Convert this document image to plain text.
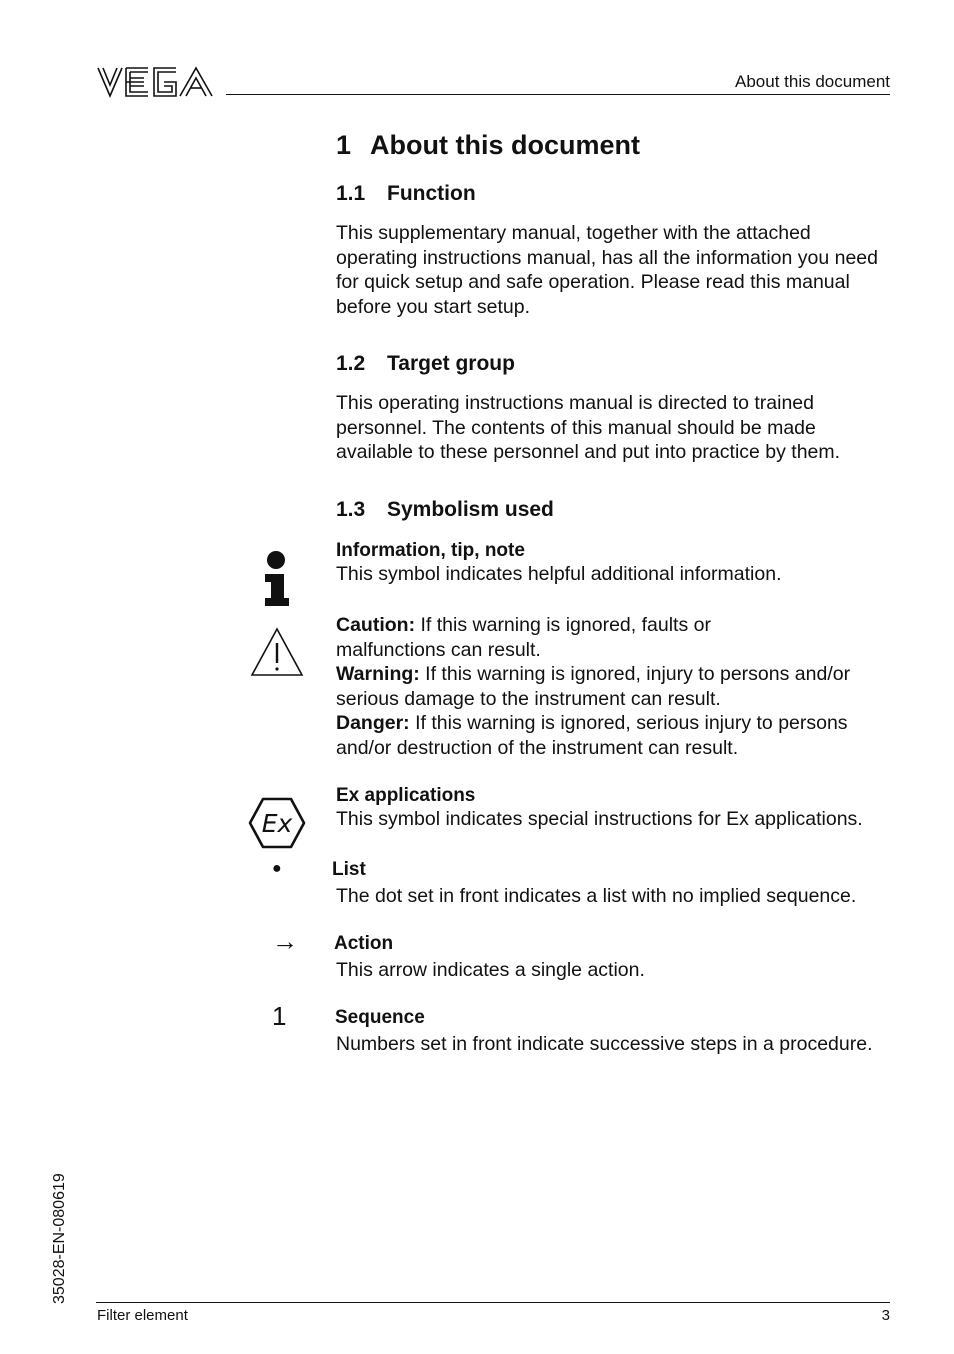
About this document
1 About this document
1.1 Function
This supplementary manual, together with the attached operating instructions manual, has all the information you need for quick setup and safe operation. Please read this manual before you start setup.
1.2 Target group
This operating instructions manual is directed to trained personnel. The contents of this manual should be made available to these personnel and put into practice by them.
1.3 Symbolism used
Information, tip, note
This symbol indicates helpful additional information.
Caution: If this warning is ignored, faults or malfunctions can result.
Warning: If this warning is ignored, injury to persons and/or serious damage to the instrument can result.
Danger: If this warning is ignored, serious injury to persons and/or destruction of the instrument can result.
Ex
Ex applications
This symbol indicates special instructions for Ex applications.
●	List
The dot set in front indicates a list with no implied sequence.
→ Action
This arrow indicates a single action.
1	Sequence
Numbers set in front indicate successive steps in a procedure.
35028-EN-080619
Filter element	3
